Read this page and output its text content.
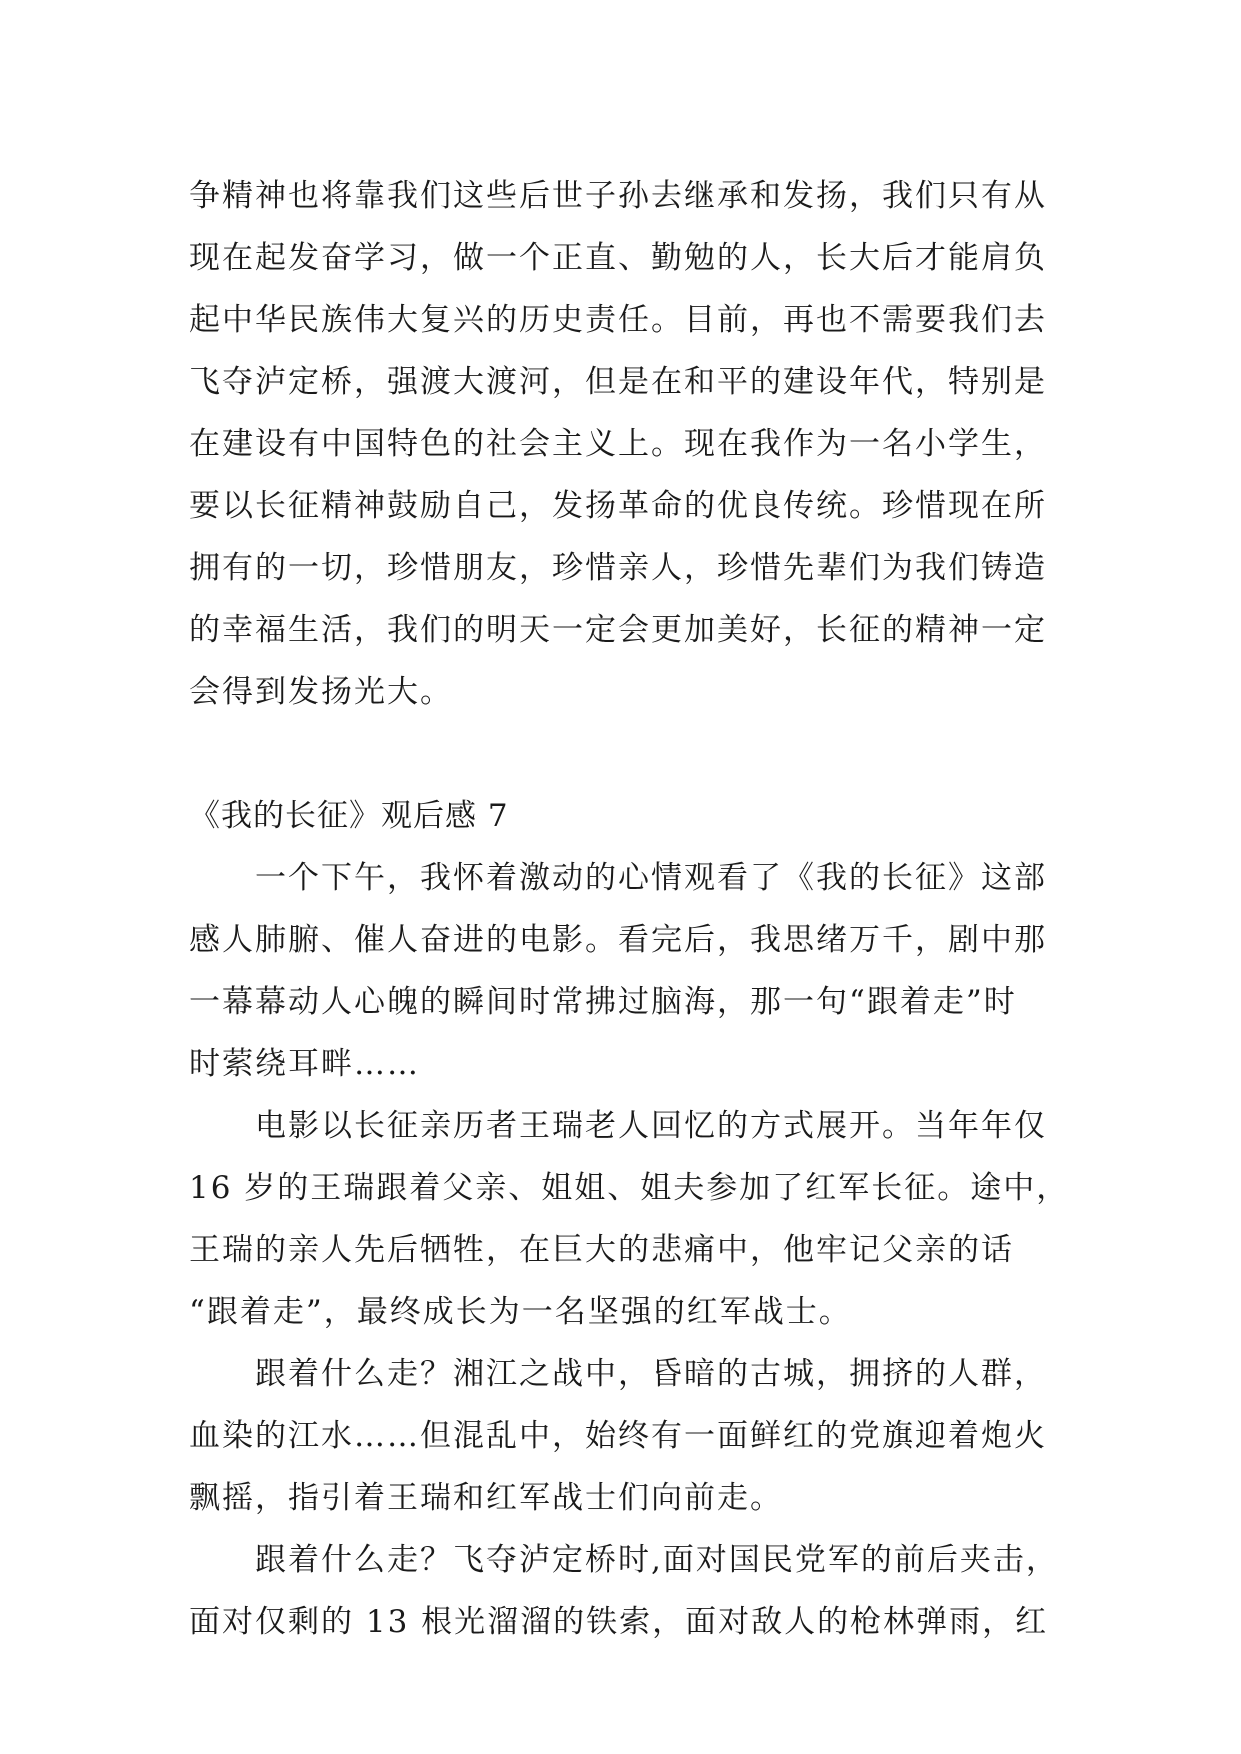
争精神也将靠我们这些后世子孙去继承和发扬，我们只有从
现在起发奋学习，做一个正直、勤勉的人，长大后才能肩负
起中华民族伟大复兴的历史责任。目前，再也不需要我们去
飞夺泸定桥，强渡大渡河，但是在和平的建设年代，特别是
在建设有中国特色的社会主义上。现在我作为一名小学生，
要以长征精神鼓励自己，发扬革命的优良传统。珍惜现在所
拥有的一切，珍惜朋友，珍惜亲人，珍惜先辈们为我们铸造
的幸福生活，我们的明天一定会更加美好，长征的精神一定
会得到发扬光大。
《我的长征》观后感 7
　　一个下午，我怀着激动的心情观看了《我的长征》这部
感人肺腑、催人奋进的电影。看完后，我思绪万千，剧中那
一幕幕动人心魄的瞬间时常拂过脑海，那一句“跟着走”时
时萦绕耳畔……
　　电影以长征亲历者王瑞老人回忆的方式展开。当年年仅
16 岁的王瑞跟着父亲、姐姐、姐夫参加了红军长征。途中，
王瑞的亲人先后牺牲，在巨大的悲痛中，他牢记父亲的话
“跟着走”，最终成长为一名坚强的红军战士。
　　跟着什么走？湘江之战中，昏暗的古城，拥挤的人群，
血染的江水……但混乱中，始终有一面鲜红的党旗迎着炮火
飘摇，指引着王瑞和红军战士们向前走。
　　跟着什么走？飞夺泸定桥时,面对国民党军的前后夹击，
面对仅剩的 13 根光溜溜的铁索，面对敌人的枪林弹雨，红
